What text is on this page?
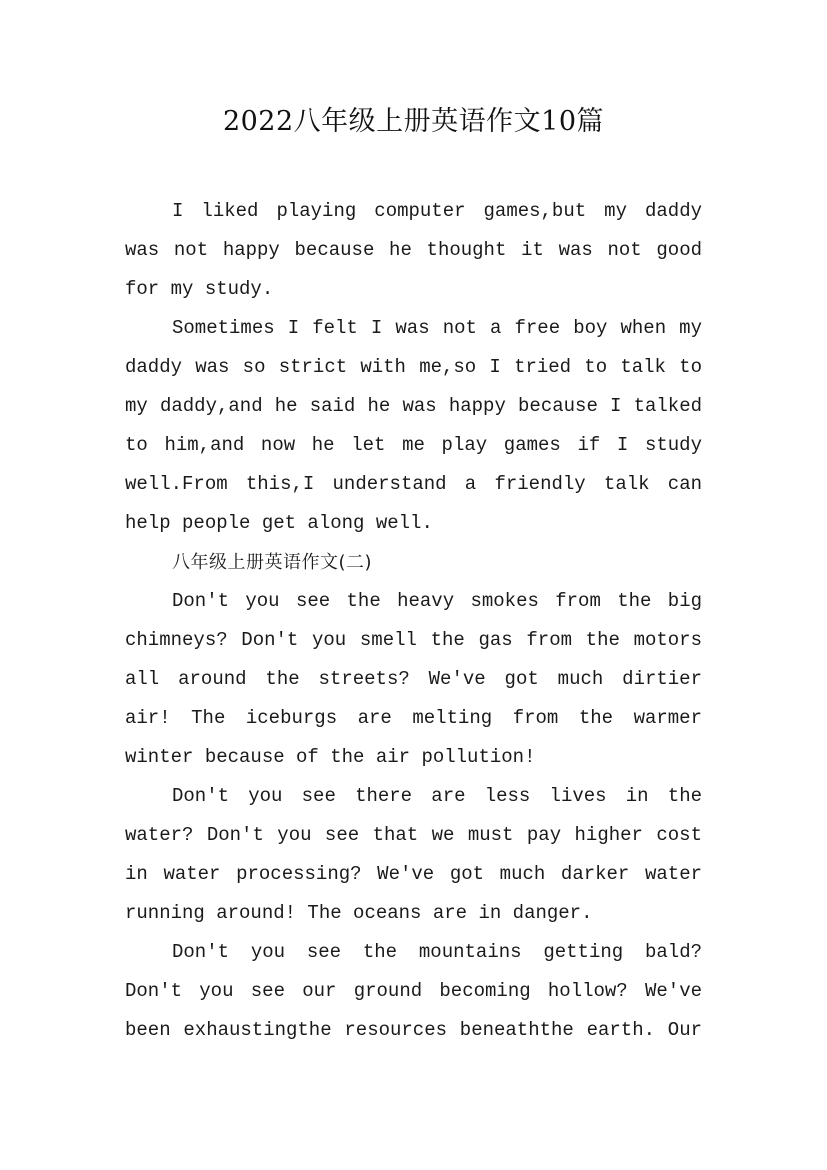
2022八年级上册英语作文10篇

I liked playing computer games,but my daddy was not happy because he thought it was not good for my study.

Sometimes I felt I was not a free boy when my daddy was so strict with me,so I tried to talk to my daddy,and he said he was happy because I talked to him,and now he let me play games if I study well.From this,I understand a friendly talk can help people get along well.

八年级上册英语作文(二)

Don't you see the heavy smokes from the big chimneys? Don't you smell the gas from the motors all around the streets? We've got much dirtier air! The iceburgs are melting from the warmer winter because of the air pollution!

Don't you see there are less lives in the water? Don't you see that we must pay higher cost in water processing? We've got much darker water running around! The oceans are in danger.

Don't you see the mountains getting bald? Don't you see our ground becoming hollow? We've been exhaustingthe resources beneaththe earth. Our
